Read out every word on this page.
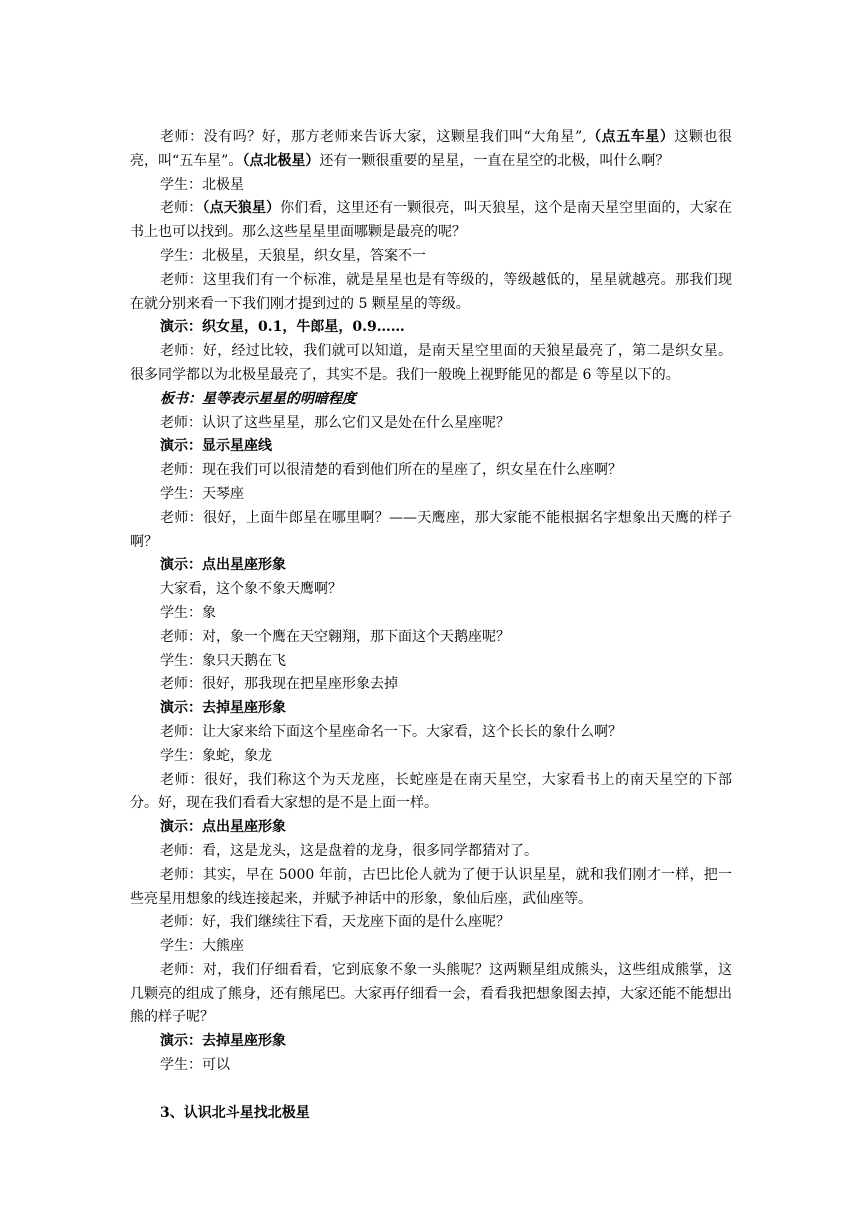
老师：没有吗？好，那方老师来告诉大家，这颗星我们叫“大角星”,（点五车星）这颗也很亮，叫“五车星”。（点北极星）还有一颗很重要的星星，一直在星空的北极，叫什么啊？

学生：北极星

老师：（点天狼星）你们看，这里还有一颗很亮，叫天狼星，这个是南天星空里面的，大家在书上也可以找到。那么这些星星里面哪颗是最亮的呢？

学生：北极星，天狼星，织女星，答案不一

老师：这里我们有一个标准，就是星星也是有等级的，等级越低的，星星就越亮。那我们现在就分别来看一下我们刚才提到过的 5 颗星星的等级。

演示：织女星，0.1，牛郎星，0.9……

老师：好，经过比较，我们就可以知道，是南天星空里面的天狼星最亮了，第二是织女星。很多同学都以为北极星最亮了，其实不是。我们一般晚上视野能见的都是 6 等星以下的。

板书：星等表示星星的明暗程度

老师：认识了这些星星，那么它们又是处在什么星座呢？

演示：显示星座线

老师：现在我们可以很清楚的看到他们所在的星座了，织女星在什么座啊？

学生：天琴座

老师：很好，上面牛郎星在哪里啊？——天鹰座，那大家能不能根据名字想象出天鹰的样子啊？

演示：点出星座形象

大家看，这个象不象天鹰啊？

学生：象

老师：对，象一个鹰在天空翱翔，那下面这个天鹅座呢？

学生：象只天鹅在飞

老师：很好，那我现在把星座形象去掉

演示：去掉星座形象

老师：让大家来给下面这个星座命名一下。大家看，这个长长的象什么啊？

学生：象蛇，象龙

老师：很好，我们称这个为天龙座，长蛇座是在南天星空，大家看书上的南天星空的下部分。好，现在我们看看大家想的是不是上面一样。

演示：点出星座形象

老师：看，这是龙头，这是盘着的龙身，很多同学都猜对了。

老师：其实，早在 5000 年前，古巴比伦人就为了便于认识星星，就和我们刚才一样，把一些亮星用想象的线连接起来，并赋予神话中的形象，象仙后座，武仙座等。

老师：好，我们继续往下看，天龙座下面的是什么座呢？

学生：大熊座

老师：对，我们仔细看看，它到底象不象一头熊呢？这两颗星组成熊头，这些组成熊掌，这几颗亮的组成了熊身，还有熊尾巴。大家再仔细看一会，看看我把想象图去掉，大家还能不能想出熊的样子呢？

演示：去掉星座形象

学生：可以

3、认识北斗星找北极星
